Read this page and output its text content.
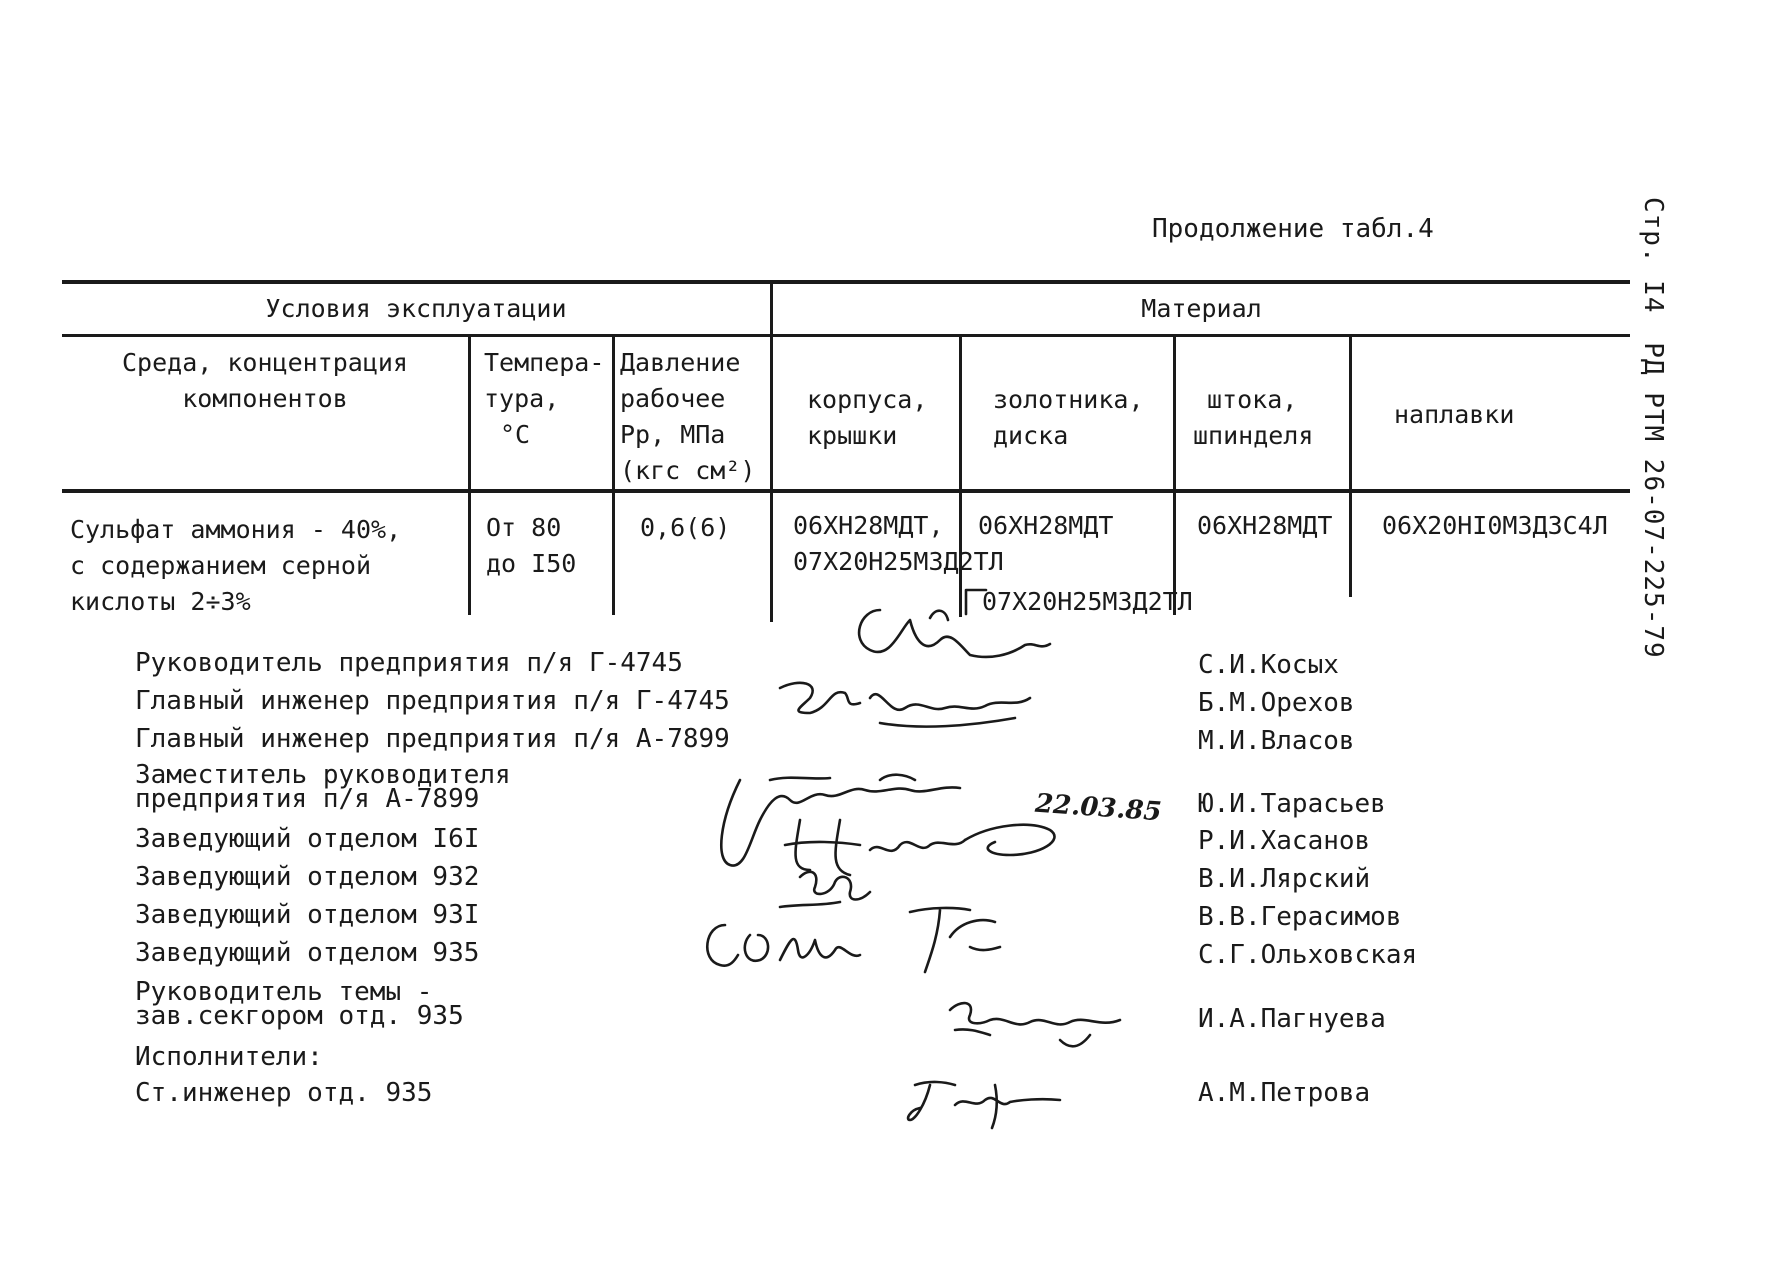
Стр. I4 РД РТМ 26-07-225-79
Продолжение табл.4
Условия эксплуатации	Материал
Среда, концентрация
компонентов
Темпера-
тура,
°C
Давление
рабочее
Рр, МПа
(кгс см²)
корпуса,
крышки
золотника,
диска
штока,
шпинделя
наплавки
Сульфат аммония - 40%,
с содержанием серной
кислоты 2÷3%
От 80
до I50
0,6(6)	06ХН28МДТ,
07Х20Н25М3Д2ТЛ
06ХН28МДТ
07Х20Н25М3Д2ТЛ
06ХН28МДТ 06Х20НI0М3Д3С4Л
Руководитель предприятия п/я Г-4745
Главный инженер предприятия п/я Г-4745
Главный инженер предприятия п/я А-7899
Заместитель руководителя
предприятия п/я А-7899
Заведующий отделом I6I
Заведующий отделом 932
Заведующий отделом 93I
Заведующий отделом 935
Руководитель темы -
зав.секгором отд. 935
Исполнители:
Ст.инженер отд. 935
С.И.Косых
Б.М.Орехов
М.И.Власов
Ю.И.Тарасьев
Р.И.Хасанов
В.И.Лярский
В.В.Герасимов
С.Г.Ольховская
И.А.Пагнуева
А.М.Петрова
22.03.85
